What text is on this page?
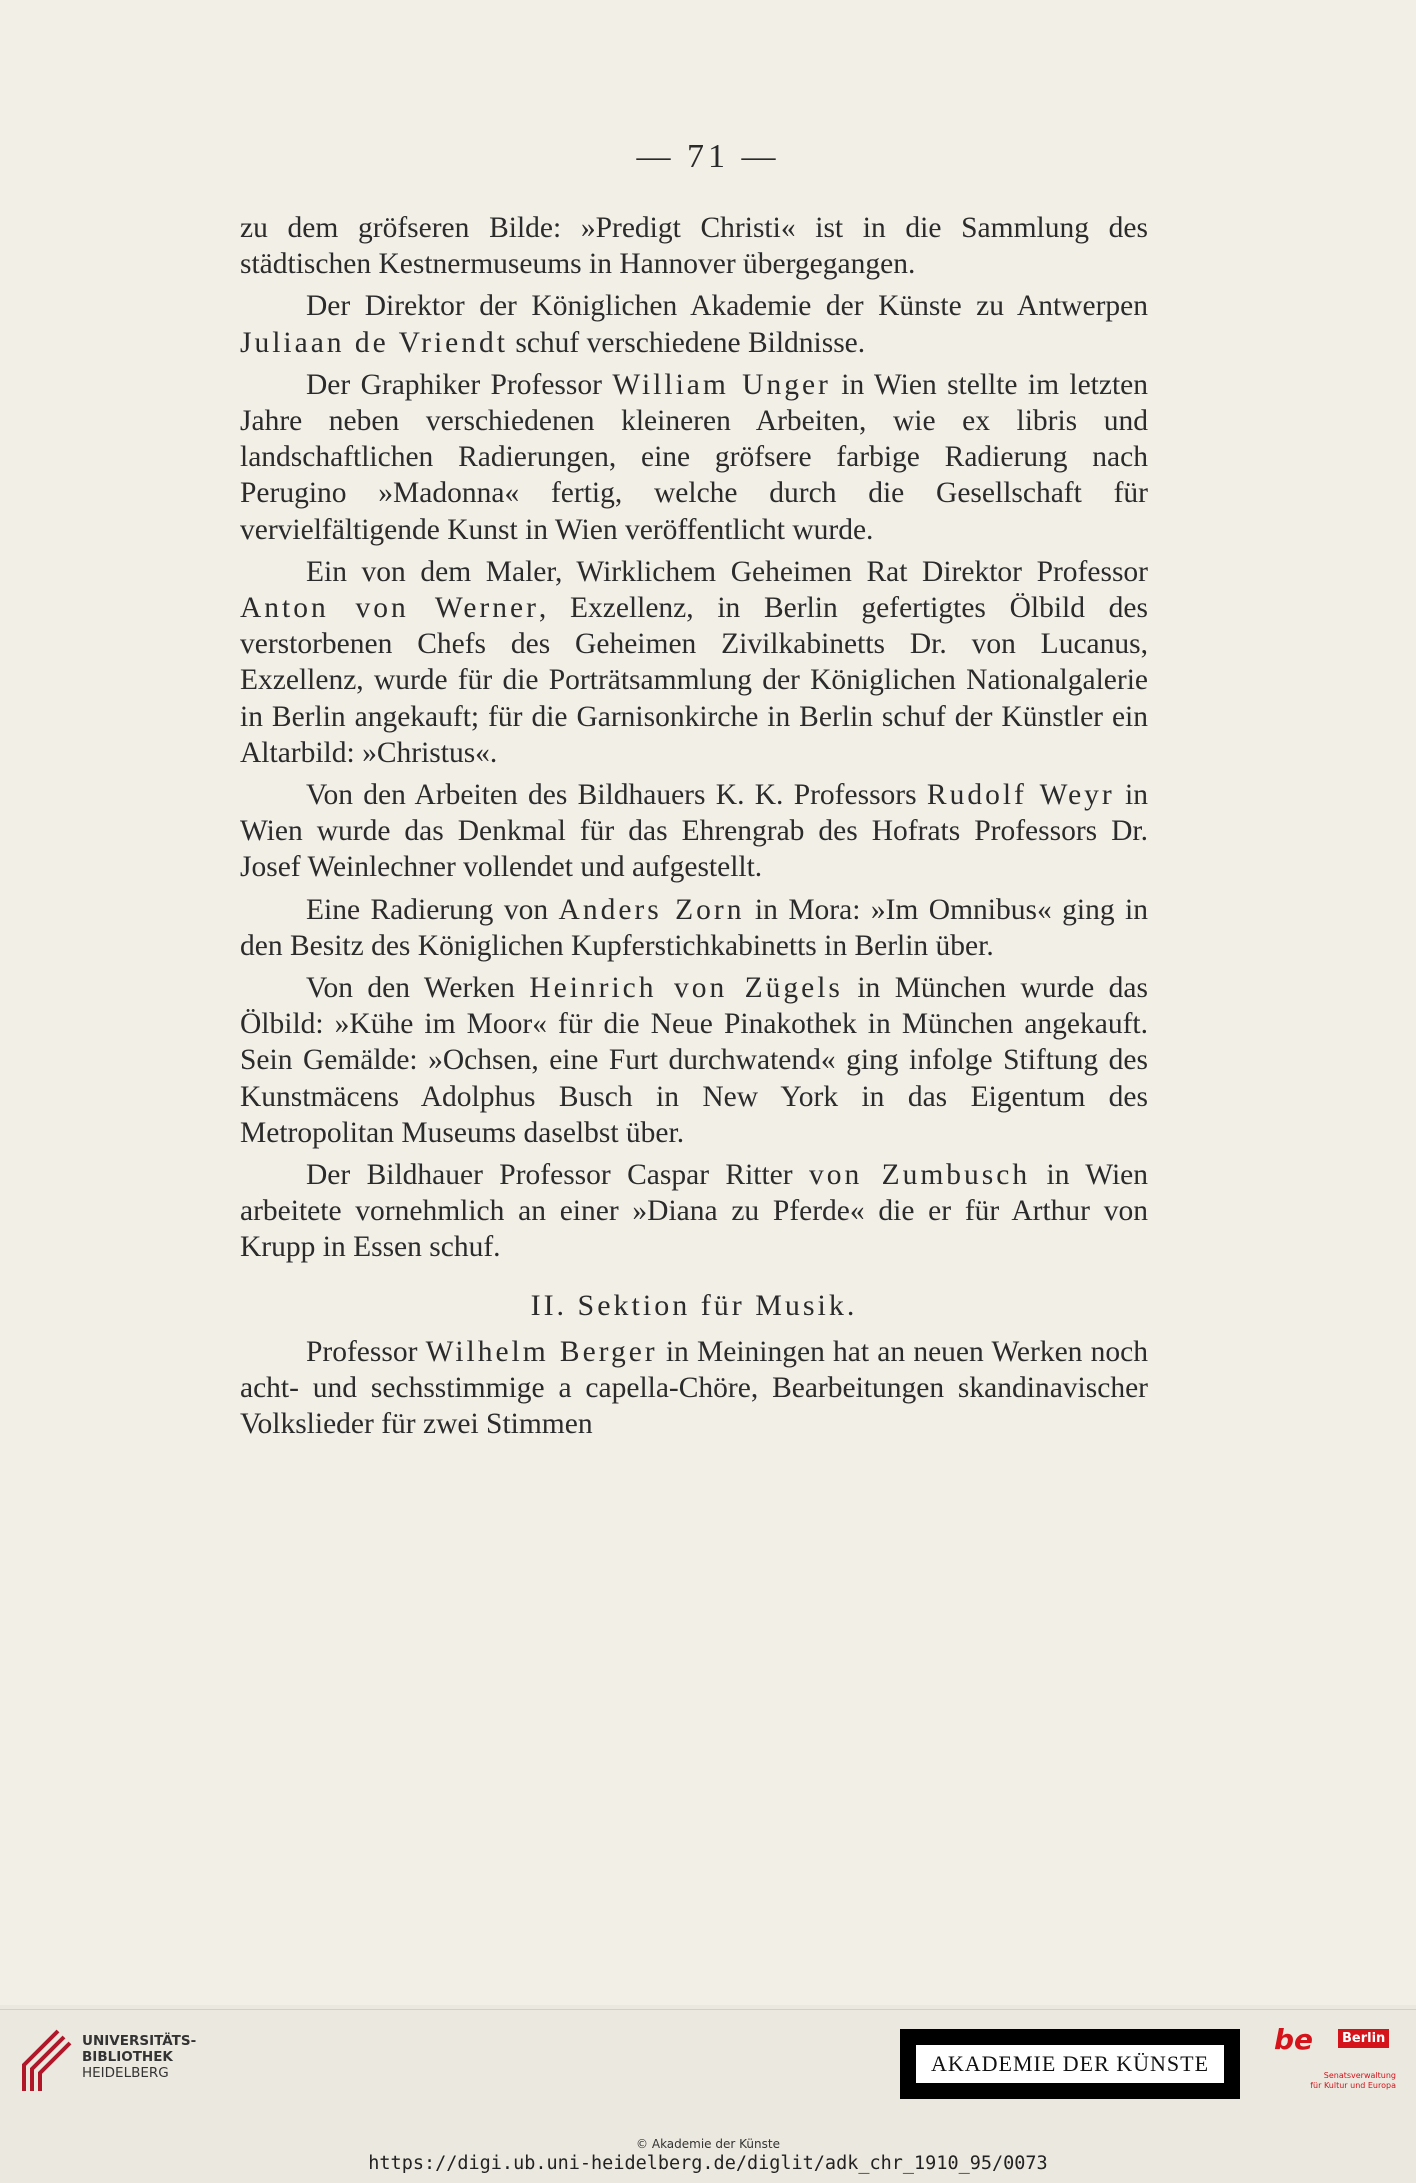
— 71 —

zu dem gröfseren Bilde: »Predigt Christi« ist in die Sammlung des städtischen Kestnermuseums in Hannover übergegangen.

Der Direktor der Königlichen Akademie der Künste zu Antwerpen Juliaan de Vriendt schuf verschiedene Bildnisse.

Der Graphiker Professor William Unger in Wien stellte im letzten Jahre neben verschiedenen kleineren Arbeiten, wie ex libris und landschaftlichen Radierungen, eine gröfsere farbige Radierung nach Perugino »Madonna« fertig, welche durch die Gesellschaft für vervielfältigende Kunst in Wien veröffentlicht wurde.

Ein von dem Maler, Wirklichem Geheimen Rat Direktor Professor Anton von Werner, Exzellenz, in Berlin gefertigtes Ölbild des verstorbenen Chefs des Geheimen Zivilkabinetts Dr. von Lucanus, Exzellenz, wurde für die Porträtsammlung der Königlichen Nationalgalerie in Berlin angekauft; für die Garnisonkirche in Berlin schuf der Künstler ein Altarbild: »Christus«.

Von den Arbeiten des Bildhauers K. K. Professors Rudolf Weyr in Wien wurde das Denkmal für das Ehrengrab des Hofrats Professors Dr. Josef Weinlechner vollendet und aufgestellt.

Eine Radierung von Anders Zorn in Mora: »Im Omnibus« ging in den Besitz des Königlichen Kupferstichkabinetts in Berlin über.

Von den Werken Heinrich von Zügels in München wurde das Ölbild: »Kühe im Moor« für die Neue Pinakothek in München angekauft. Sein Gemälde: »Ochsen, eine Furt durchwatend« ging infolge Stiftung des Kunstmäcens Adolphus Busch in New York in das Eigentum des Metropolitan Museums daselbst über.

Der Bildhauer Professor Caspar Ritter von Zumbusch in Wien arbeitete vornehmlich an einer »Diana zu Pferde« die er für Arthur von Krupp in Essen schuf.

II. Sektion für Musik.

Professor Wilhelm Berger in Meiningen hat an neuen Werken noch acht- und sechsstimmige a capella-Chöre, Bearbeitungen skandinavischer Volkslieder für zwei Stimmen

UNIVERSITÄTS-
BIBLIOTHEK
HEIDELBERG	AKADEMIE DER KÜNSTE
be	Berlin
Senatsverwaltung
für Kultur und Europa
© Akademie der Künste
https://digi.ub.uni-heidelberg.de/diglit/adk_chr_1910_95/0073
